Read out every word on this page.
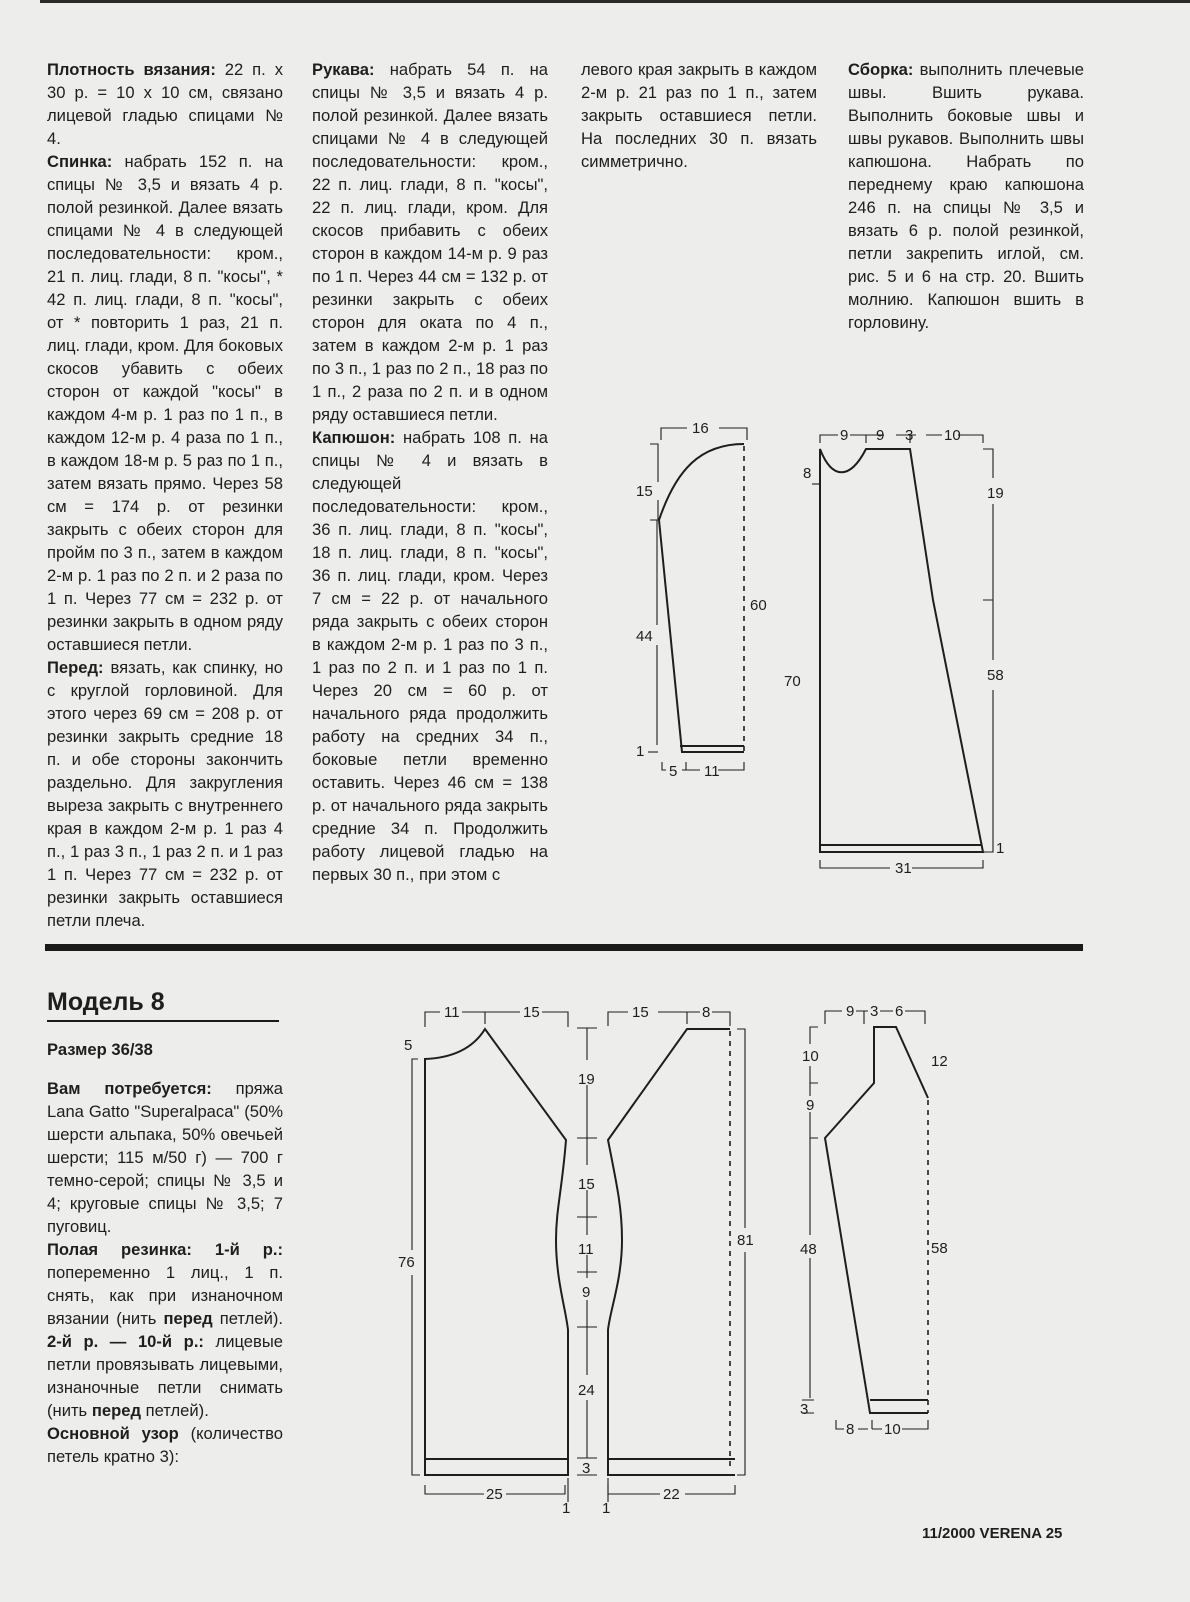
Плотность вязания: 22 п. х 30 р. = 10 х 10 см, связано лицевой гладью спицами № 4.

Спинка: набрать 152 п. на спицы № 3,5 и вязать 4 р. полой резинкой. Далее вязать спицами № 4 в следующей последовательности: кром., 21 п. лиц. глади, 8 п. "косы", * 42 п. лиц. глади, 8 п. "косы", от * повторить 1 раз, 21 п. лиц. глади, кром. Для боковых скосов убавить с обеих сторон от каждой "косы" в каждом 4-м р. 1 раз по 1 п., в каждом 12-м р. 4 раза по 1 п., в каждом 18-м р. 5 раз по 1 п., затем вязать прямо. Через 58 см = 174 р. от резинки закрыть с обеих сторон для пройм по 3 п., затем в каждом 2-м р. 1 раз по 2 п. и 2 раза по 1 п. Через 77 см = 232 р. от резинки закрыть в одном ряду оставшиеся петли.

Перед: вязать, как спинку, но с круглой горловиной. Для этого через 69 см = 208 р. от резинки закрыть средние 18 п. и обе стороны закончить раздельно. Для закругления выреза закрыть с внутреннего края в каждом 2-м р. 1 раз 4 п., 1 раз 3 п., 1 раз 2 п. и 1 раз 1 п. Через 77 см = 232 р. от резинки закрыть оставшиеся петли плеча.

Рукава: набрать 54 п. на спицы № 3,5 и вязать 4 р. полой резинкой. Далее вязать спицами № 4 в следующей последовательности: кром., 22 п. лиц. глади, 8 п. "косы", 22 п. лиц. глади, кром. Для скосов прибавить с обеих сторон в каждом 14-м р. 9 раз по 1 п. Через 44 см = 132 р. от резинки закрыть с обеих сторон для оката по 4 п., затем в каждом 2-м р. 1 раз по 3 п., 1 раз по 2 п., 18 раз по 1 п., 2 раза по 2 п. и в одном ряду оставшиеся петли.

Капюшон: набрать 108 п. на спицы № 4 и вязать в следующей последовательности: кром., 36 п. лиц. глади, 8 п. "косы", 18 п. лиц. глади, 8 п. "косы", 36 п. лиц. глади, кром. Через 7 см = 22 р. от начального ряда закрыть с обеих сторон в каждом 2-м р. 1 раз по 3 п., 1 раз по 2 п. и 1 раз по 1 п. Через 20 см = 60 р. от начального ряда продолжить работу на средних 34 п., боковые петли временно оставить. Через 46 см = 138 р. от начального ряда закрыть средние 34 п. Продолжить работу лицевой гладью на первых 30 п., при этом с

Сборка: выполнить плечевые швы. Вшить рукава. Выполнить боковые швы и швы рукавов. Выполнить швы капюшона. Набрать по переднему краю капюшона 246 п. на спицы № 3,5 и вязать 6 р. полой резинкой, петли закрепить иглой, см. рис. 5 и 6 на стр. 20. Вшить молнию. Капюшон вшить в горловину.

Модель 8
Размер 36/38

Вам потребуется: пряжа Lana Gatto "Superalpaca" (50% шерсти альпака, 50% овечьей шерсти; 115 м/50 г) — 700 г темно-серой; спицы № 3,5 и 4; круговые спицы № 3,5; 7 пуговиц.

Полая резинка: 1-й р.: попеременно 1 лиц., 1 п. снять, как при изнаночном вязании (нить перед петлей). 2-й р. — 10-й р.: лицевые петли провязывать лицевыми, изнаночные петли снимать (нить перед петлей).

Основной узор (количество петель кратно 3):

11/2000 VERENA 25
16
15
44
1
60
5 11
9 9 3 10
8
70
19
58
1
31
11	15
5
76
25
1
19
15
11
9
24
3
15	8
81
22
1
9 3 6
10
9
48
3
12
58
8 10

левого края закрыть в каждом 2-м р. 21 раз по 1 п., затем закрыть оставшиеся петли. На последних 30 п. вязать симметрично.
